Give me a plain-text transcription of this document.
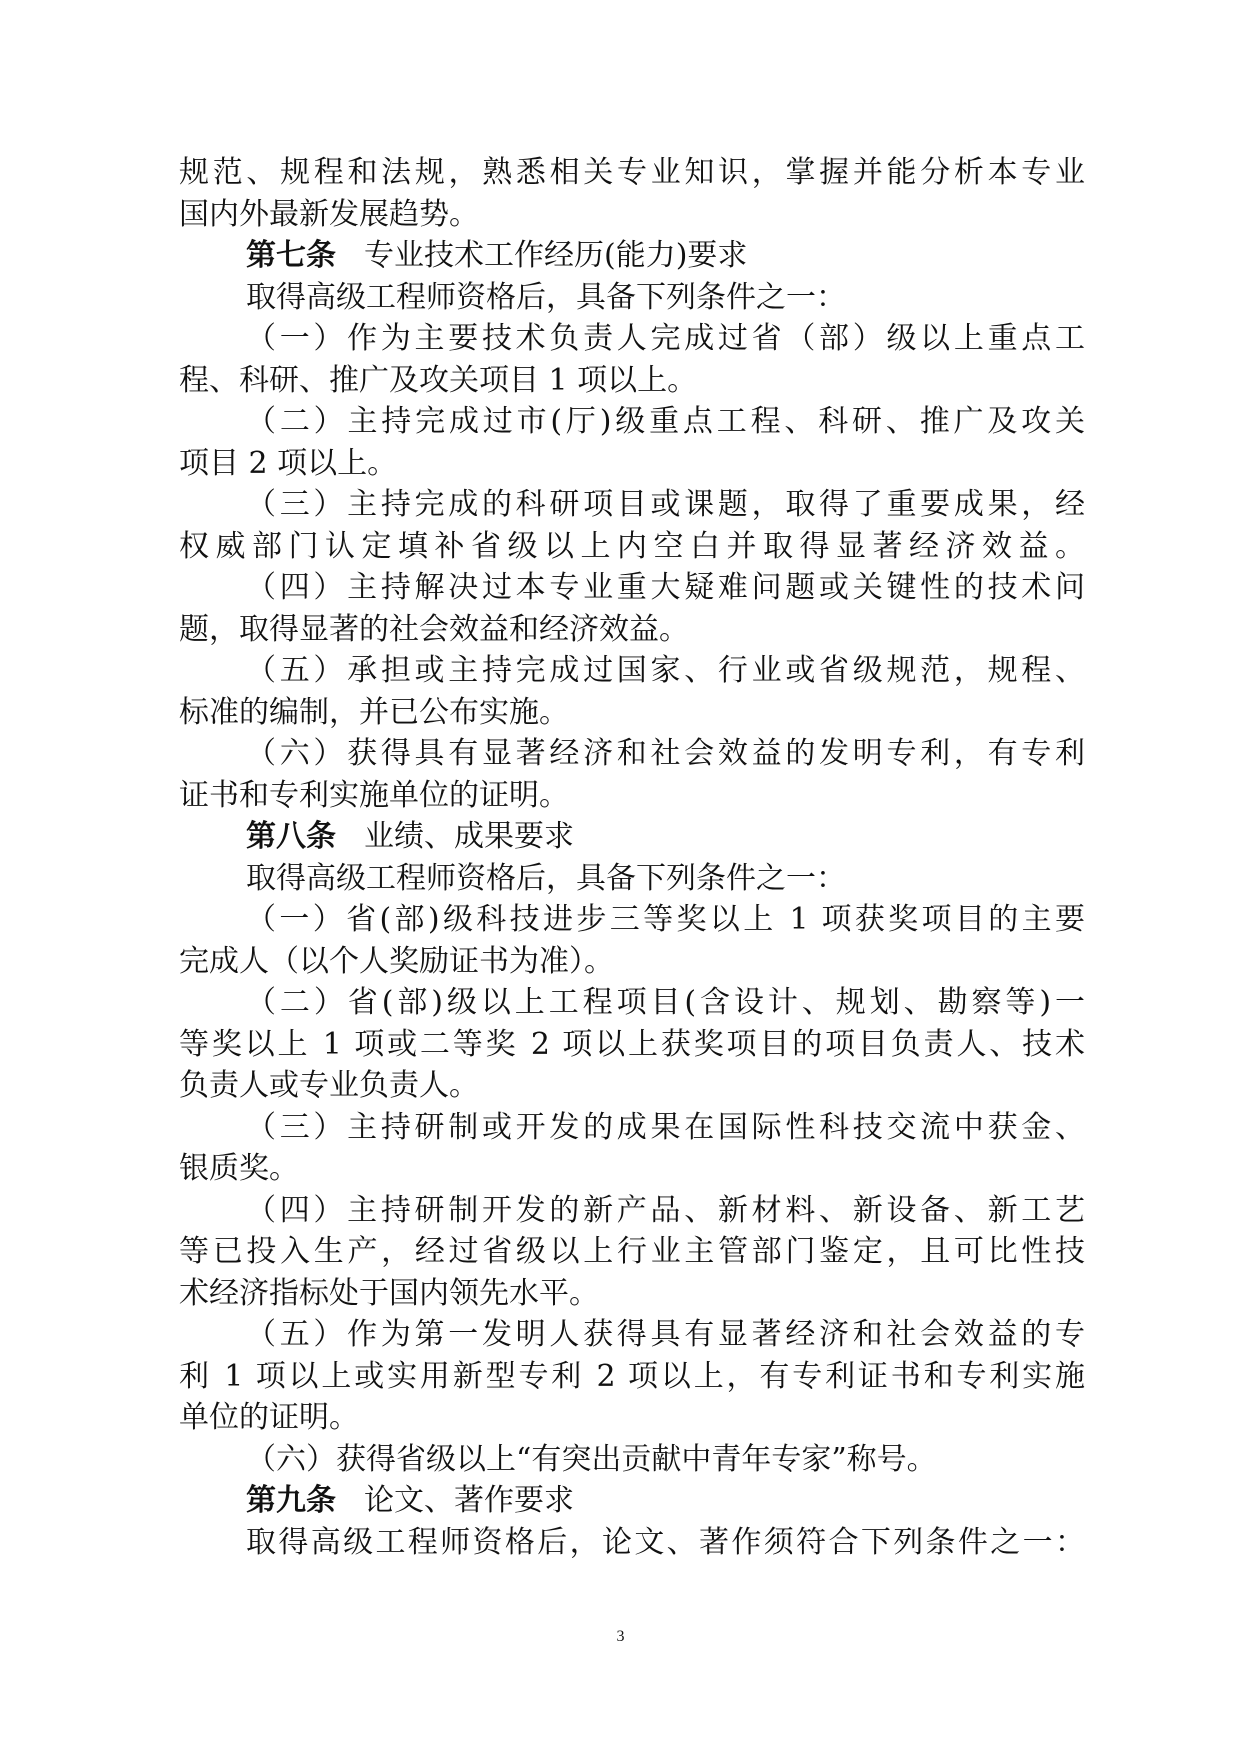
规范、规程和法规，熟悉相关专业知识，掌握并能分析本专业
国内外最新发展趋势。
第七条 专业技术工作经历(能力)要求
取得高级工程师资格后，具备下列条件之一：
（一）作为主要技术负责人完成过省（部）级以上重点工
程、科研、推广及攻关项目 1 项以上。
（二）主持完成过市(厅)级重点工程、科研、推广及攻关
项目 2 项以上。
（三）主持完成的科研项目或课题，取得了重要成果，经
权威部门认定填补省级以上内空白并取得显著经济效益。
（四）主持解决过本专业重大疑难问题或关键性的技术问
题，取得显著的社会效益和经济效益。
（五）承担或主持完成过国家、行业或省级规范，规程、
标准的编制，并已公布实施。
（六）获得具有显著经济和社会效益的发明专利，有专利
证书和专利实施单位的证明。
第八条 业绩、成果要求
取得高级工程师资格后，具备下列条件之一：
（一）省(部)级科技进步三等奖以上 1 项获奖项目的主要
完成人（以个人奖励证书为准）。
（二）省(部)级以上工程项目(含设计、规划、勘察等)一
等奖以上 1 项或二等奖 2 项以上获奖项目的项目负责人、技术
负责人或专业负责人。
（三）主持研制或开发的成果在国际性科技交流中获金、
银质奖。
（四）主持研制开发的新产品、新材料、新设备、新工艺
等已投入生产，经过省级以上行业主管部门鉴定，且可比性技
术经济指标处于国内领先水平。
（五）作为第一发明人获得具有显著经济和社会效益的专
利 1 项以上或实用新型专利 2 项以上，有专利证书和专利实施
单位的证明。
（六）获得省级以上“有突出贡献中青年专家”称号。
第九条 论文、著作要求
取得高级工程师资格后，论文、著作须符合下列条件之一：
3
